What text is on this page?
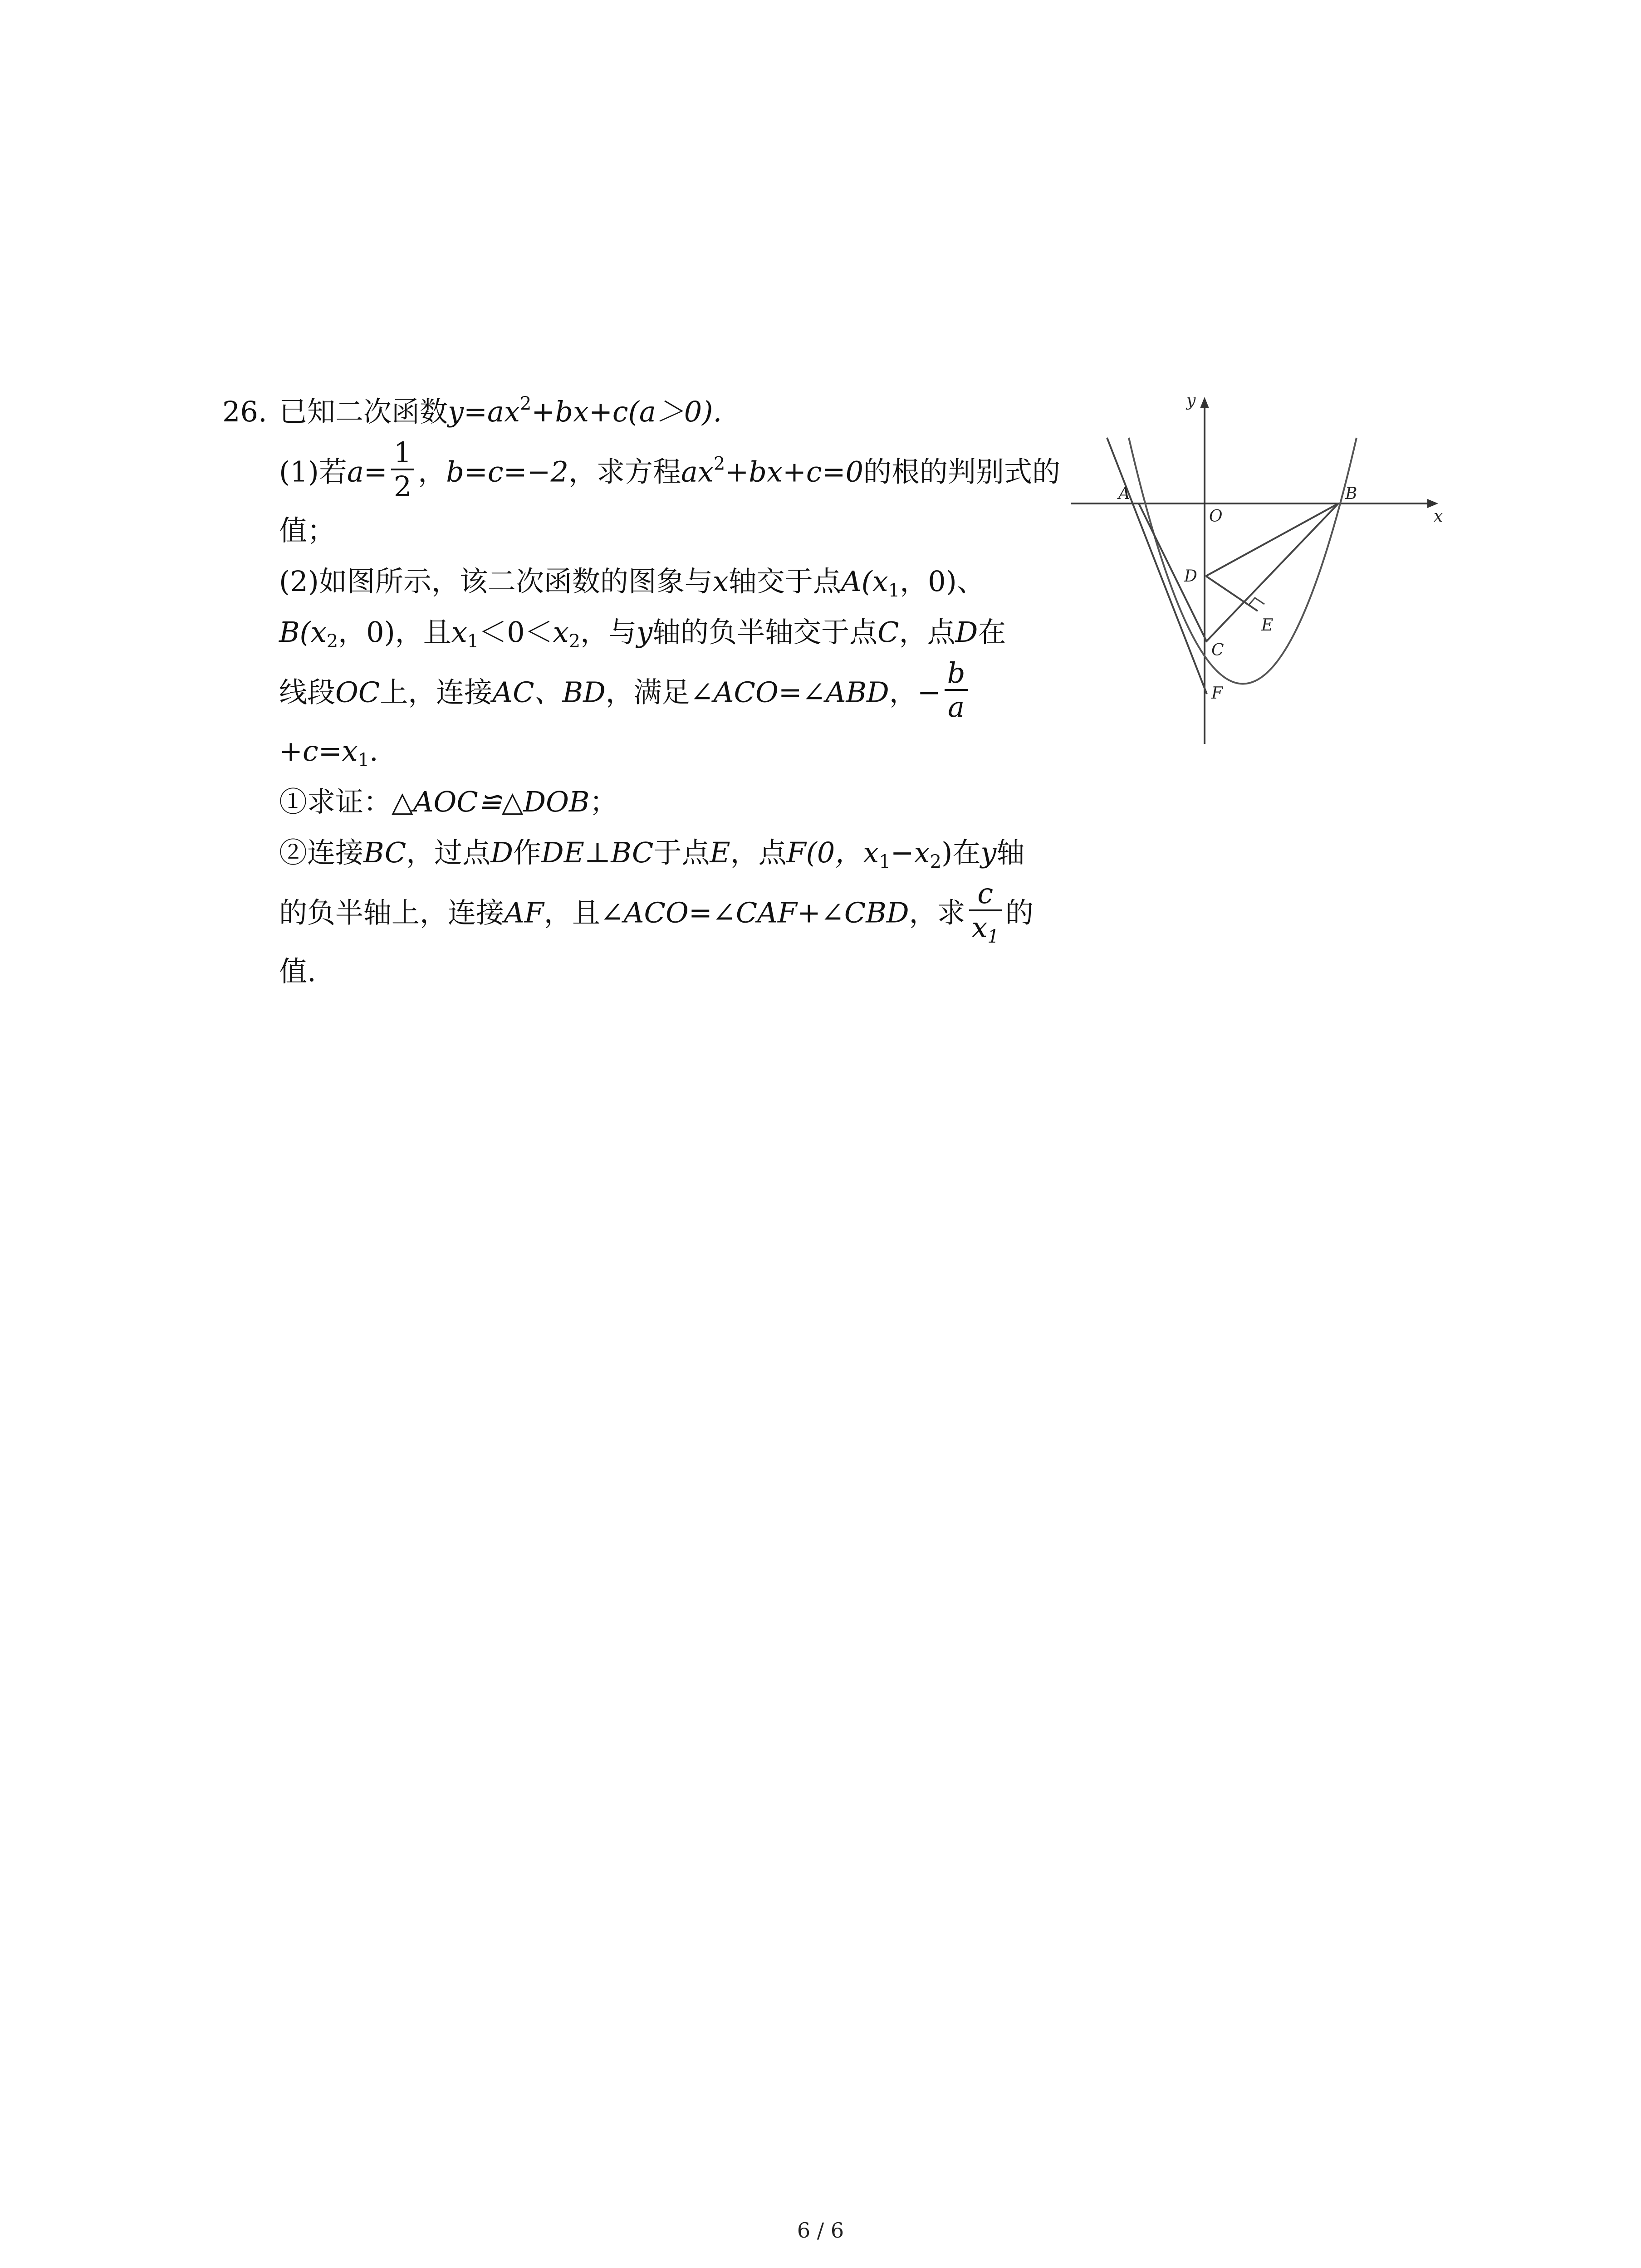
26. 已知二次函数$y=ax^2+bx+c(a>0)$.
(1)若$a= \frac{1}{2}$ ，b=c=−2，求方程$ax^2+bx+c=0$的根的判别式的
值；
(2)如图所示，该二次函数的图象与x轴交于点$A(x_1$，0)、
$B(x_2$，0)，且$x_1<0<x_2$，与y轴的负半轴交于点C，点D在
线段OC上，连接AC、BD，满足∠ACO=∠ABD，− $\frac{b}{a}$
$+c=x_1$.
①求证：△AOC≌△DOB；
②连接BC，过点D作DE⊥BC于点E，点F(0，$x_1-x_2$)在y轴
的负半轴上，连接AF，且∠ACO=∠CAF+∠CBD，求 $\frac{c}{x_1}$ 的
值.
y
x
A	B
O
D
E
C
F
6 / 6
